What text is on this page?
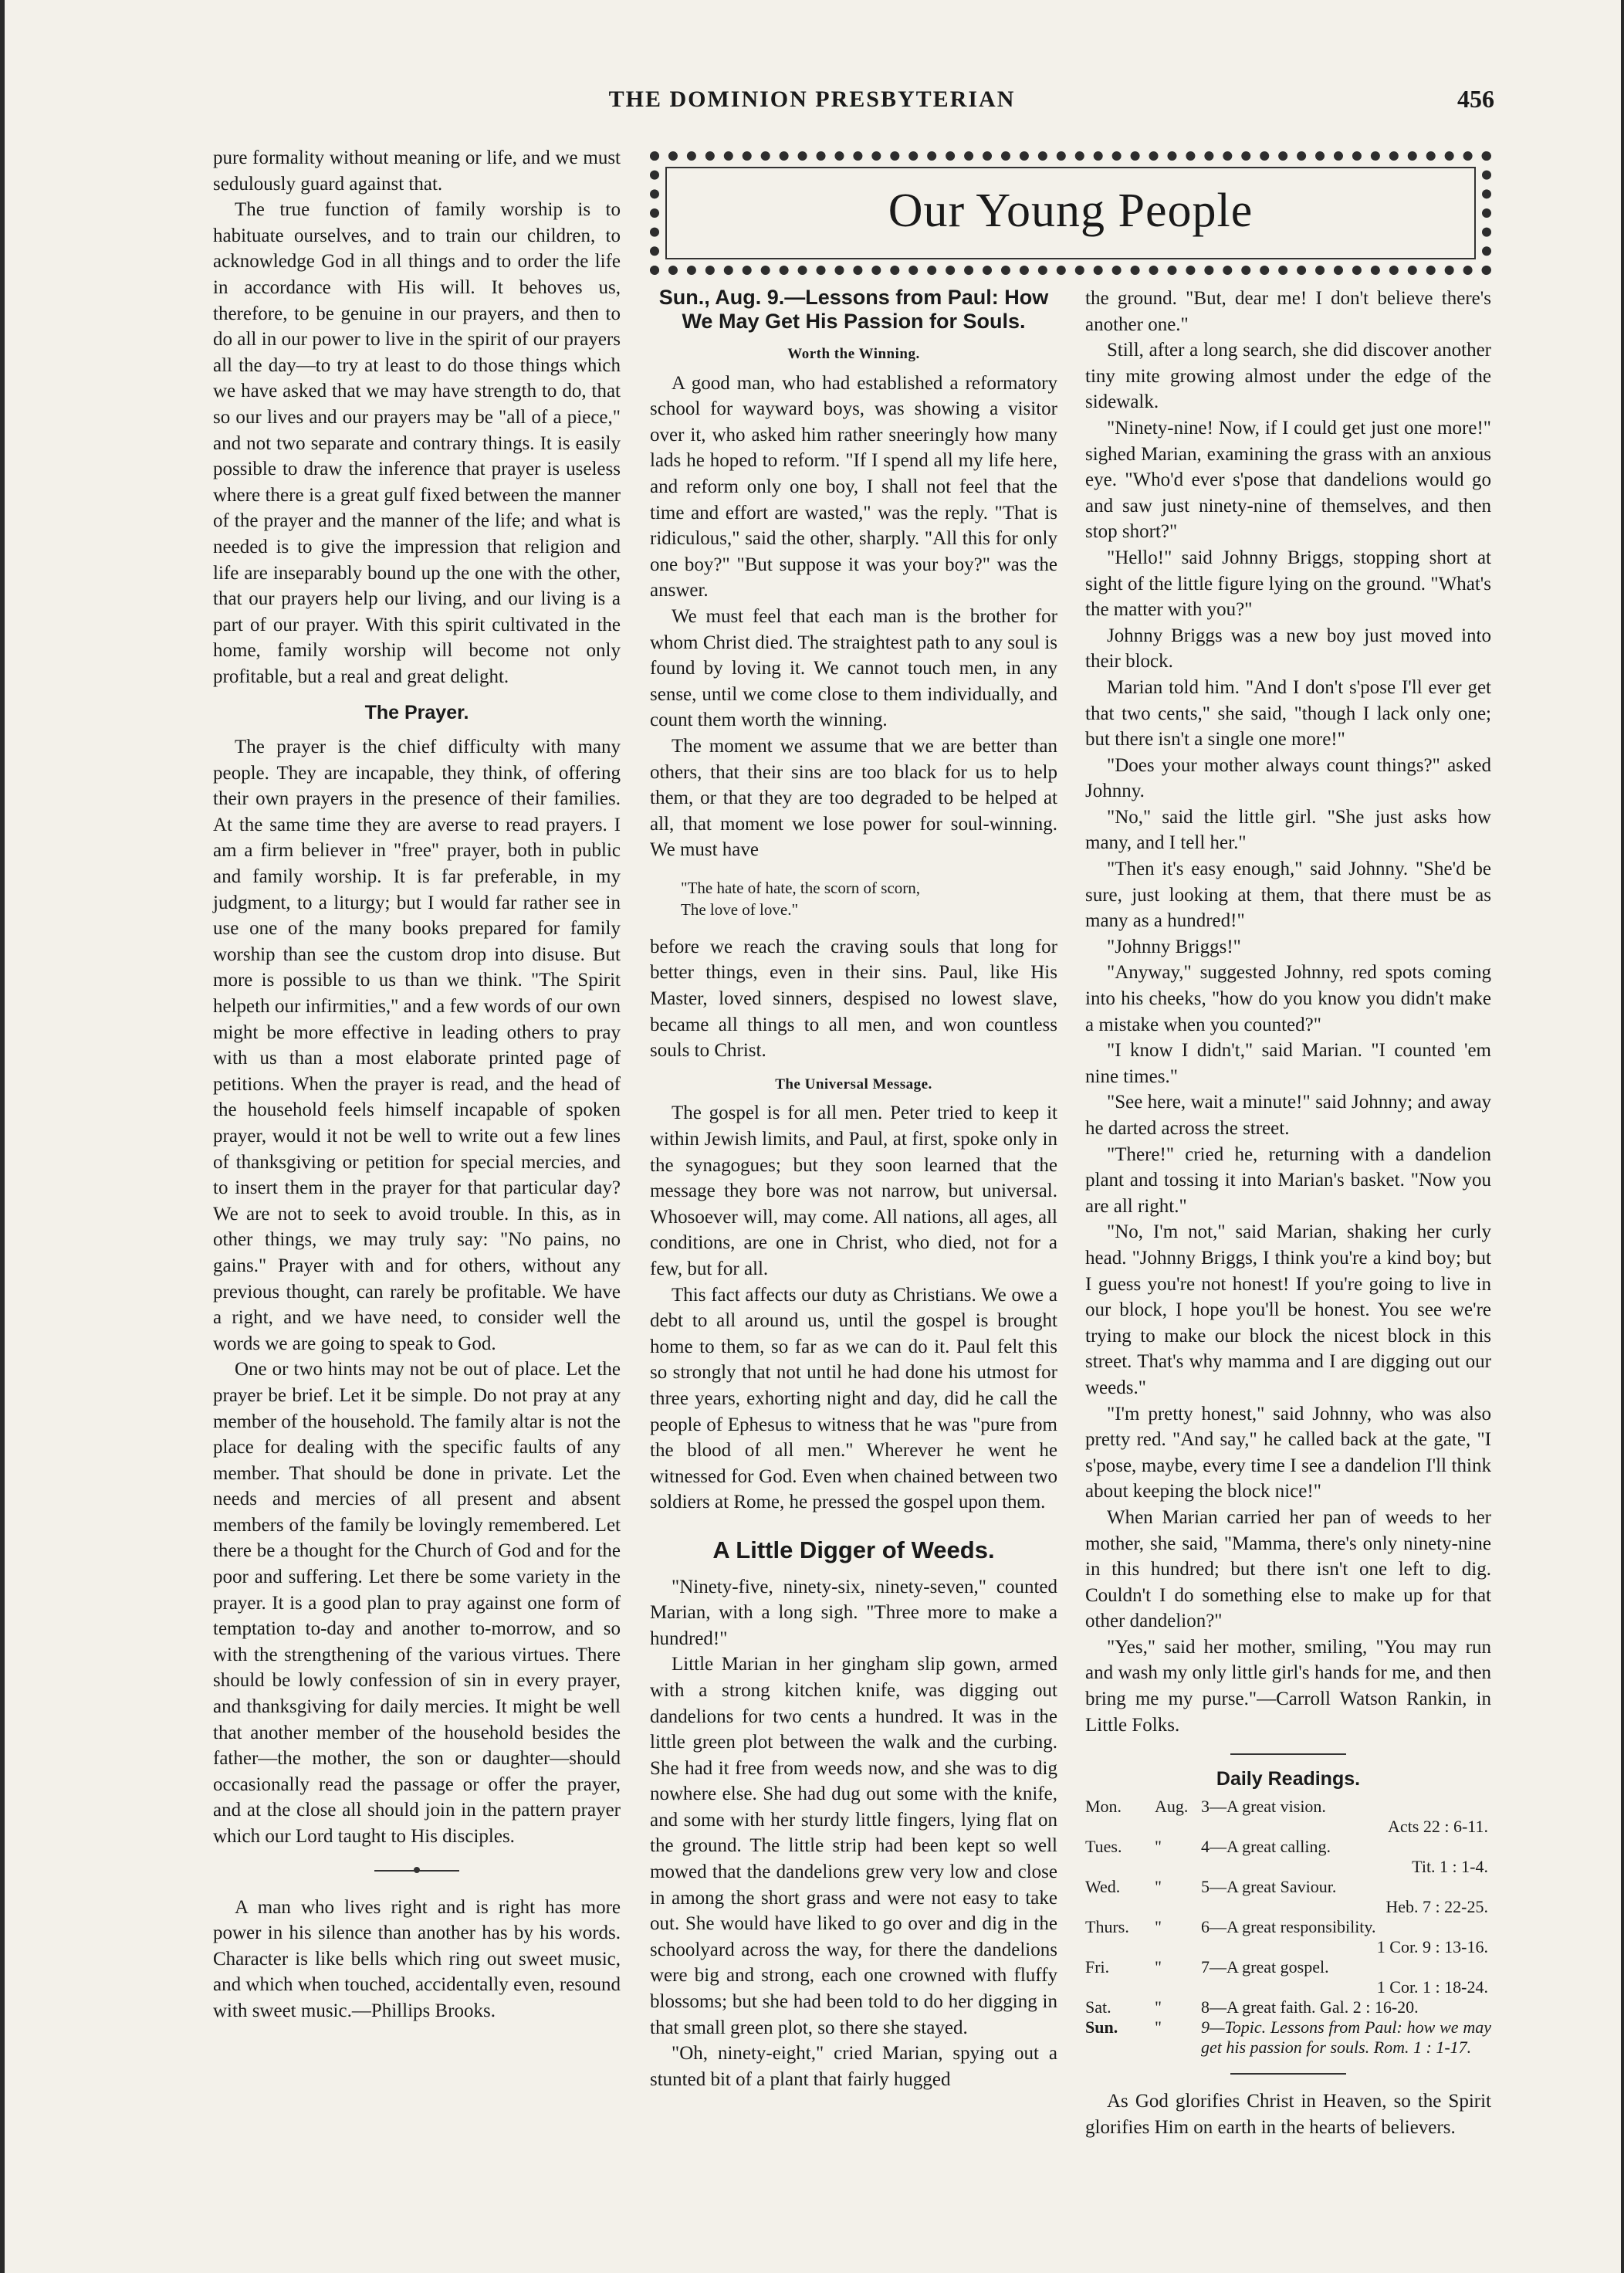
THE DOMINION PRESBYTERIAN	456

pure formality without meaning or life, and we must sedulously guard against that.

The true function of family worship is to habituate ourselves, and to train our children, to acknowledge God in all things and to order the life in accordance with His will. It behoves us, therefore, to be genuine in our prayers, and then to do all in our power to live in the spirit of our prayers all the day—to try at least to do those things which we have asked that we may have strength to do, that so our lives and our prayers may be "all of a piece," and not two separate and contrary things. It is easily possible to draw the inference that prayer is useless where there is a great gulf fixed between the manner of the prayer and the manner of the life; and what is needed is to give the impression that religion and life are inseparably bound up the one with the other, that our prayers help our living, and our living is a part of our prayer. With this spirit cultivated in the home, family worship will become not only profitable, but a real and great delight.

The Prayer.

The prayer is the chief difficulty with many people. They are incapable, they think, of offering their own prayers in the presence of their families. At the same time they are averse to read prayers. I am a firm believer in "free" prayer, both in public and family worship. It is far preferable, in my judgment, to a liturgy; but I would far rather see in use one of the many books prepared for family worship than see the custom drop into disuse. But more is possible to us than we think. "The Spirit helpeth our infirmities," and a few words of our own might be more effective in leading others to pray with us than a most elaborate printed page of petitions. When the prayer is read, and the head of the household feels himself incapable of spoken prayer, would it not be well to write out a few lines of thanksgiving or petition for special mercies, and to insert them in the prayer for that particular day? We are not to seek to avoid trouble. In this, as in other things, we may truly say: "No pains, no gains." Prayer with and for others, without any previous thought, can rarely be profitable. We have a right, and we have need, to consider well the words we are going to speak to God.

One or two hints may not be out of place. Let the prayer be brief. Let it be simple. Do not pray at any member of the household. The family altar is not the place for dealing with the specific faults of any member. That should be done in private. Let the needs and mercies of all present and absent members of the family be lovingly remembered. Let there be a thought for the Church of God and for the poor and suffering. Let there be some variety in the prayer. It is a good plan to pray against one form of temptation to-day and another to-morrow, and so with the strengthening of the various virtues. There should be lowly confession of sin in every prayer, and thanksgiving for daily mercies. It might be well that another member of the household besides the father—the mother, the son or daughter—should occasionally read the passage or offer the prayer, and at the close all should join in the pattern prayer which our Lord taught to His disciples.

A man who lives right and is right has more power in his silence than another has by his words. Character is like bells which ring out sweet music, and which when touched, accidentally even, resound with sweet music.—Phillips Brooks.

Our Young People
Sun., Aug. 9.—Lessons from Paul: How We May Get His Passion for Souls.
Worth the Winning.

A good man, who had established a reformatory school for wayward boys, was showing a visitor over it, who asked him rather sneeringly how many lads he hoped to reform. "If I spend all my life here, and reform only one boy, I shall not feel that the time and effort are wasted," was the reply. "That is ridiculous," said the other, sharply. "All this for only one boy?" "But suppose it was your boy?" was the answer.

We must feel that each man is the brother for whom Christ died. The straightest path to any soul is found by loving it. We cannot touch men, in any sense, until we come close to them individually, and count them worth the winning.

The moment we assume that we are better than others, that their sins are too black for us to help them, or that they are too degraded to be helped at all, that moment we lose power for soul-winning. We must have

"The hate of hate, the scorn of scorn,
The love of love."

before we reach the craving souls that long for better things, even in their sins. Paul, like His Master, loved sinners, despised no lowest slave, became all things to all men, and won countless souls to Christ.

The Universal Message.

The gospel is for all men. Peter tried to keep it within Jewish limits, and Paul, at first, spoke only in the synagogues; but they soon learned that the message they bore was not narrow, but universal. Whosoever will, may come. All nations, all ages, all conditions, are one in Christ, who died, not for a few, but for all.

This fact affects our duty as Christians. We owe a debt to all around us, until the gospel is brought home to them, so far as we can do it. Paul felt this so strongly that not until he had done his utmost for three years, exhorting night and day, did he call the people of Ephesus to witness that he was "pure from the blood of all men." Wherever he went he witnessed for God. Even when chained between two soldiers at Rome, he pressed the gospel upon them.

A Little Digger of Weeds.

"Ninety-five, ninety-six, ninety-seven," counted Marian, with a long sigh. "Three more to make a hundred!"

Little Marian in her gingham slip gown, armed with a strong kitchen knife, was digging out dandelions for two cents a hundred. It was in the little green plot between the walk and the curbing. She had it free from weeds now, and she was to dig nowhere else. She had dug out some with the knife, and some with her sturdy little fingers, lying flat on the ground. The little strip had been kept so well mowed that the dandelions grew very low and close in among the short grass and were not easy to take out. She would have liked to go over and dig in the schoolyard across the way, for there the dandelions were big and strong, each one crowned with fluffy blossoms; but she had been told to do her digging in that small green plot, so there she stayed.

"Oh, ninety-eight," cried Marian, spying out a stunted bit of a plant that fairly hugged

the ground. "But, dear me! I don't believe there's another one."

Still, after a long search, she did discover another tiny mite growing almost under the edge of the sidewalk.

"Ninety-nine! Now, if I could get just one more!" sighed Marian, examining the grass with an anxious eye. "Who'd ever s'pose that dandelions would go and saw just ninety-nine of themselves, and then stop short?"

"Hello!" said Johnny Briggs, stopping short at sight of the little figure lying on the ground. "What's the matter with you?"

Johnny Briggs was a new boy just moved into their block.

Marian told him. "And I don't s'pose I'll ever get that two cents," she said, "though I lack only one; but there isn't a single one more!"

"Does your mother always count things?" asked Johnny.

"No," said the little girl. "She just asks how many, and I tell her."

"Then it's easy enough," said Johnny. "She'd be sure, just looking at them, that there must be as many as a hundred!"

"Johnny Briggs!"

"Anyway," suggested Johnny, red spots coming into his cheeks, "how do you know you didn't make a mistake when you counted?"

"I know I didn't," said Marian. "I counted 'em nine times."

"See here, wait a minute!" said Johnny; and away he darted across the street.

"There!" cried he, returning with a dandelion plant and tossing it into Marian's basket. "Now you are all right."

"No, I'm not," said Marian, shaking her curly head. "Johnny Briggs, I think you're a kind boy; but I guess you're not honest! If you're going to live in our block, I hope you'll be honest. You see we're trying to make our block the nicest block in this street. That's why mamma and I are digging out our weeds."

"I'm pretty honest," said Johnny, who was also pretty red. "And say," he called back at the gate, "I s'pose, maybe, every time I see a dandelion I'll think about keeping the block nice!"

When Marian carried her pan of weeds to her mother, she said, "Mamma, there's only ninety-nine in this hundred; but there isn't one left to dig. Couldn't I do something else to make up for that other dandelion?"

"Yes," said her mother, smiling, "You may run and wash my only little girl's hands for me, and then bring me my purse."—Carroll Watson Rankin, in Little Folks.

Daily Readings.
Mon.	Aug. 3—A great vision.
Acts 22 : 6-11.
Tues.	"	4—A great calling.
Tit. 1 : 1-4.
Wed.	"	5—A great Saviour.
Heb. 7 : 22-25.
Thurs.	"	6—A great responsibility.
1 Cor. 9 : 13-16.
Fri.	"	7—A great gospel.
1 Cor. 1 : 18-24.
Sat.	"	8—A great faith. Gal. 2 : 16-20.
Sun.	"	9—Topic. Lessons from Paul: how we may get his passion for souls. Rom. 1 : 1-17.

As God glorifies Christ in Heaven, so the Spirit glorifies Him on earth in the hearts of believers.
